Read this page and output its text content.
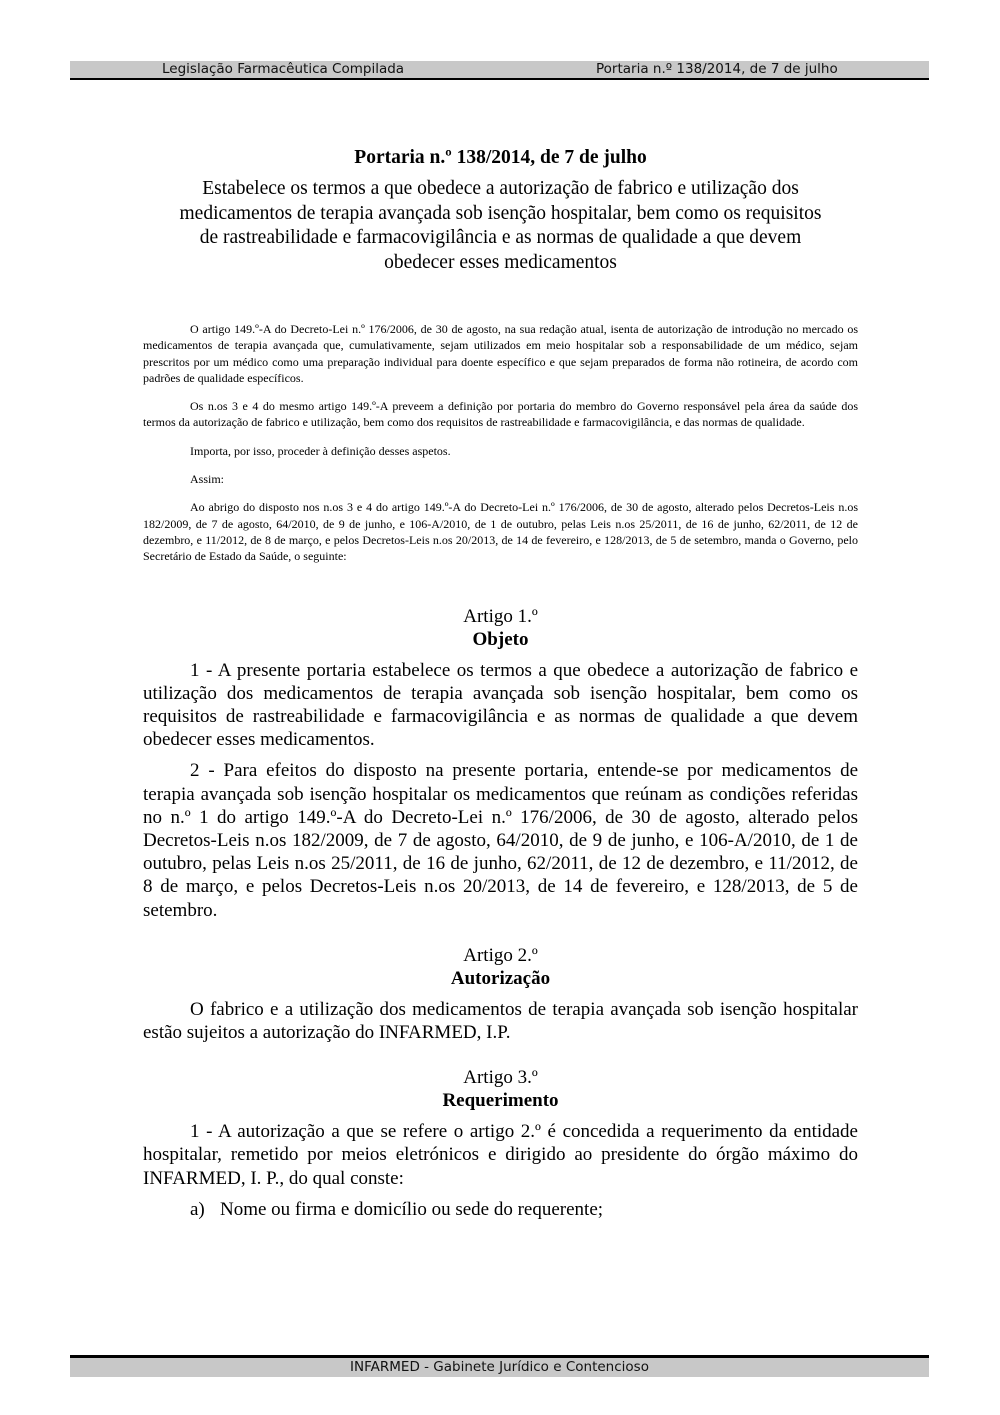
Legislação Farmacêutica Compilada	Portaria n.º 138/2014, de 7 de julho
Portaria n.º 138/2014, de 7 de julho

Estabelece os termos a que obedece a autorização de fabrico e utilização dos medicamentos de terapia avançada sob isenção hospitalar, bem como os requisitos de rastreabilidade e farmacovigilância e as normas de qualidade a que devem obedecer esses medicamentos

O artigo 149.º-A do Decreto-Lei n.º 176/2006, de 30 de agosto, na sua redação atual, isenta de autorização de introdução no mercado os medicamentos de terapia avançada que, cumulativamente, sejam utilizados em meio hospitalar sob a responsabilidade de um médico, sejam prescritos por um médico como uma preparação individual para doente específico e que sejam preparados de forma não rotineira, de acordo com padrões de qualidade específicos.

Os n.os 3 e 4 do mesmo artigo 149.º-A preveem a definição por portaria do membro do Governo responsável pela área da saúde dos termos da autorização de fabrico e utilização, bem como dos requisitos de rastreabilidade e farmacovigilância, e das normas de qualidade.

Importa, por isso, proceder à definição desses aspetos.

Assim:

Ao abrigo do disposto nos n.os 3 e 4 do artigo 149.º-A do Decreto-Lei n.º 176/2006, de 30 de agosto, alterado pelos Decretos-Leis n.os 182/2009, de 7 de agosto, 64/2010, de 9 de junho, e 106-A/2010, de 1 de outubro, pelas Leis n.os 25/2011, de 16 de junho, 62/2011, de 12 de dezembro, e 11/2012, de 8 de março, e pelos Decretos-Leis n.os 20/2013, de 14 de fevereiro, e 128/2013, de 5 de setembro, manda o Governo, pelo Secretário de Estado da Saúde, o seguinte:

Artigo 1.º

Objeto

1 - A presente portaria estabelece os termos a que obedece a autorização de fabrico e utilização dos medicamentos de terapia avançada sob isenção hospitalar, bem como os requisitos de rastreabilidade e farmacovigilância e as normas de qualidade a que devem obedecer esses medicamentos.

2 - Para efeitos do disposto na presente portaria, entende-se por medicamentos de terapia avançada sob isenção hospitalar os medicamentos que reúnam as condições referidas no n.º 1 do artigo 149.º-A do Decreto-Lei n.º 176/2006, de 30 de agosto, alterado pelos Decretos-Leis n.os 182/2009, de 7 de agosto, 64/2010, de 9 de junho, e 106-A/2010, de 1 de outubro, pelas Leis n.os 25/2011, de 16 de junho, 62/2011, de 12 de dezembro, e 11/2012, de 8 de março, e pelos Decretos-Leis n.os 20/2013, de 14 de fevereiro, e 128/2013, de 5 de setembro.

Artigo 2.º

Autorização

O fabrico e a utilização dos medicamentos de terapia avançada sob isenção hospitalar estão sujeitos a autorização do INFARMED, I.P.

Artigo 3.º

Requerimento

1 - A autorização a que se refere o artigo 2.º é concedida a requerimento da entidade hospitalar, remetido por meios eletrónicos e dirigido ao presidente do órgão máximo do INFARMED, I. P., do qual conste:

a) Nome ou firma e domicílio ou sede do requerente;

INFARMED - Gabinete Jurídico e Contencioso
